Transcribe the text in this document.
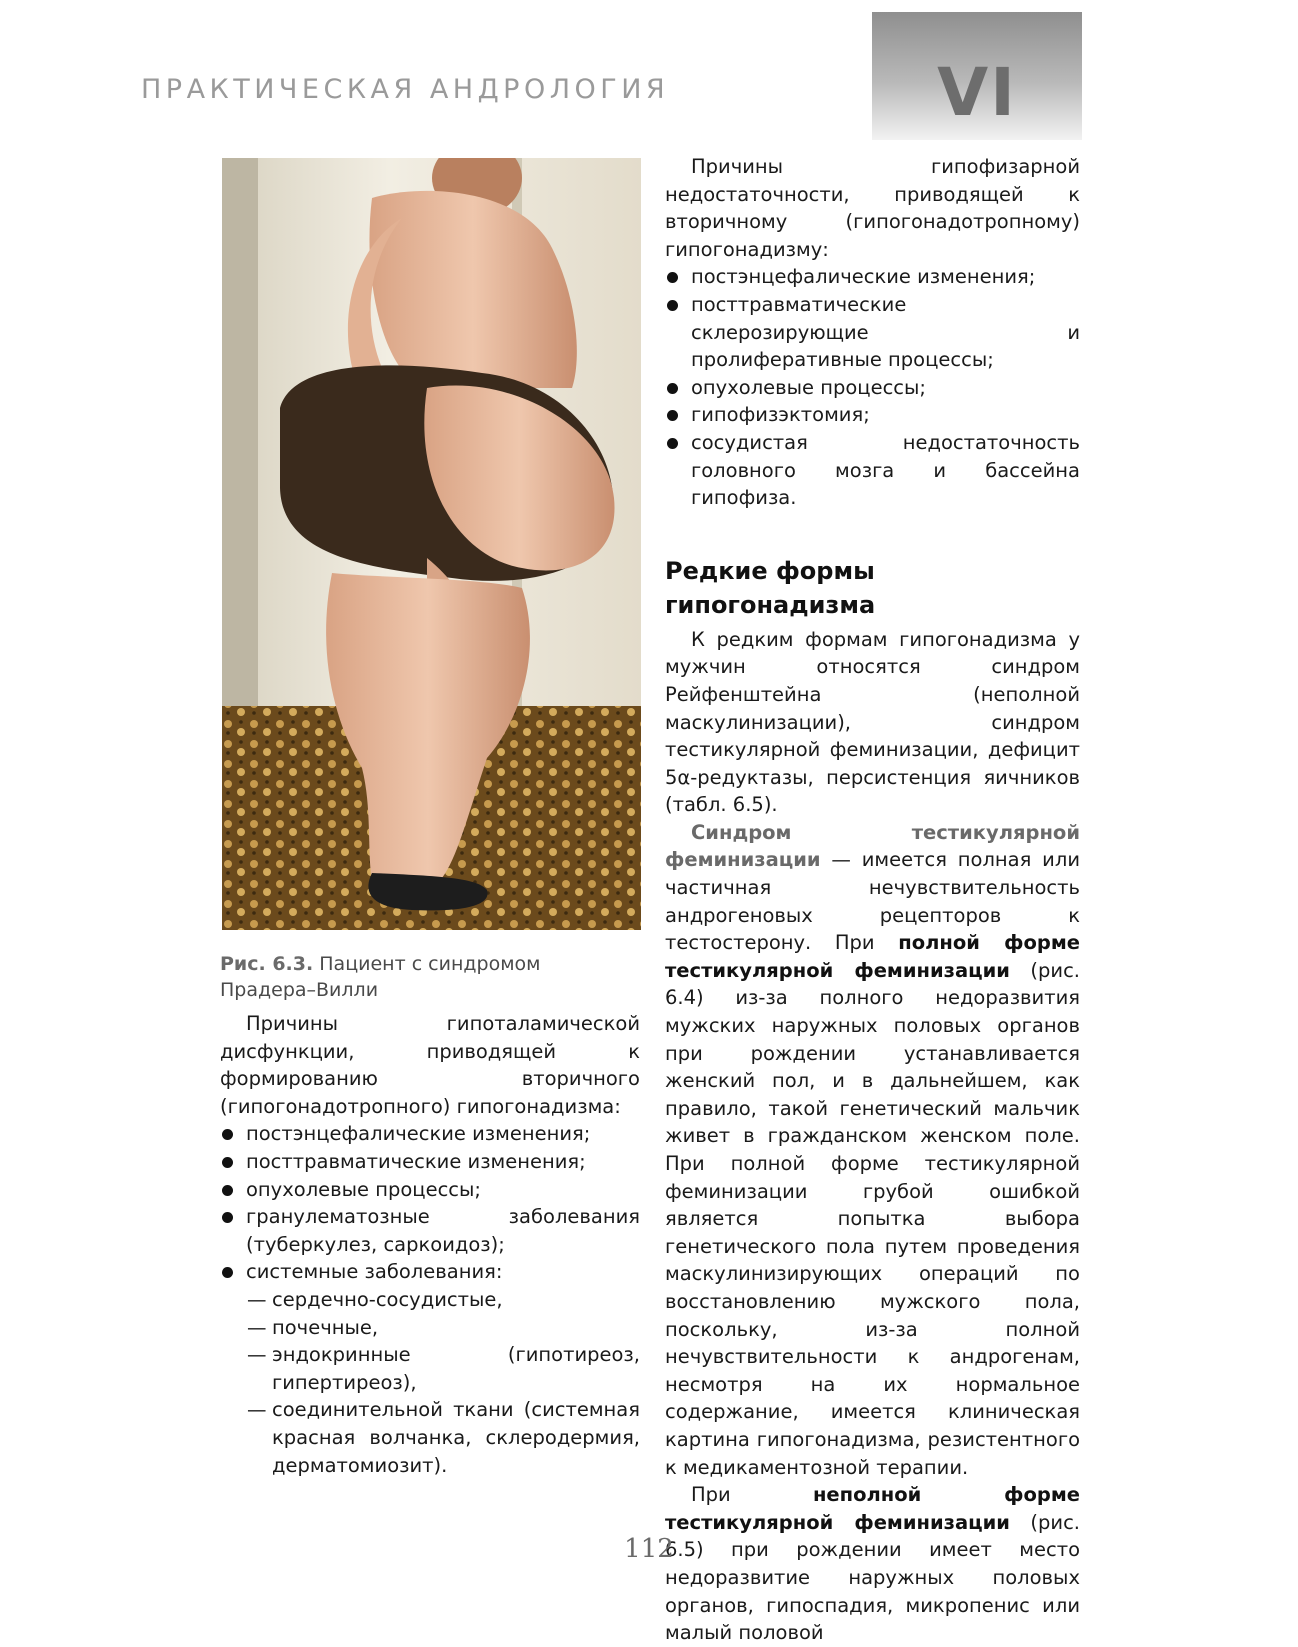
ПРАКТИЧЕСКАЯ АНДРОЛОГИЯ	VI
Рис. 6.3. Пациент с синдромом Прадера–Вилли

Причины гипоталамической дисфункции, приводящей к формированию вторичного (гипогонадотропного) гипогонадизма:

постэнцефалические изменения;
посттравматические изменения;
опухолевые процессы;
гранулематозные заболевания (туберкулез, саркоидоз);
системные заболевания:
— сердечно-сосудистые,
— почечные,
— эндокринные (гипотиреоз, гипертиреоз),
— соединительной ткани (системная красная волчанка, склеродермия, дерматомиозит).

Причины гипофизарной недостаточности, приводящей к вторичному (гипогонадотропному) гипогонадизму:

постэнцефалические изменения;
посттравматические склерозирующие и пролиферативные процессы;
опухолевые процессы;
гипофизэктомия;
сосудистая недостаточность головного мозга и бассейна гипофиза.
Редкие формы гипогонадизма

К редким формам гипогонадизма у мужчин относятся синдром Рейфенштейна (неполной маскулинизации), синдром тестикулярной феминизации, дефицит 5α-редуктазы, персистенция яичников (табл. 6.5).

Синдром тестикулярной феминизации — имеется полная или частичная нечувствительность андрогеновых рецепторов к тестостерону. При полной форме тестикулярной феминизации (рис. 6.4) из-за полного недоразвития мужских наружных половых органов при рождении устанавливается женский пол, и в дальнейшем, как правило, такой генетический мальчик живет в гражданском женском поле. При полной форме тестикулярной феминизации грубой ошибкой является попытка выбора генетического пола путем проведения маскулинизирующих операций по восстановлению мужского пола, поскольку, из-за полной нечувствительности к андрогенам, несмотря на их нормальное содержание, имеется клиническая картина гипогонадизма, резистентного к медикаментозной терапии.

При неполной форме тестикулярной феминизации (рис. 6.5) при рождении имеет место недоразвитие наружных половых органов, гипоспадия, микропенис или малый половой

112
